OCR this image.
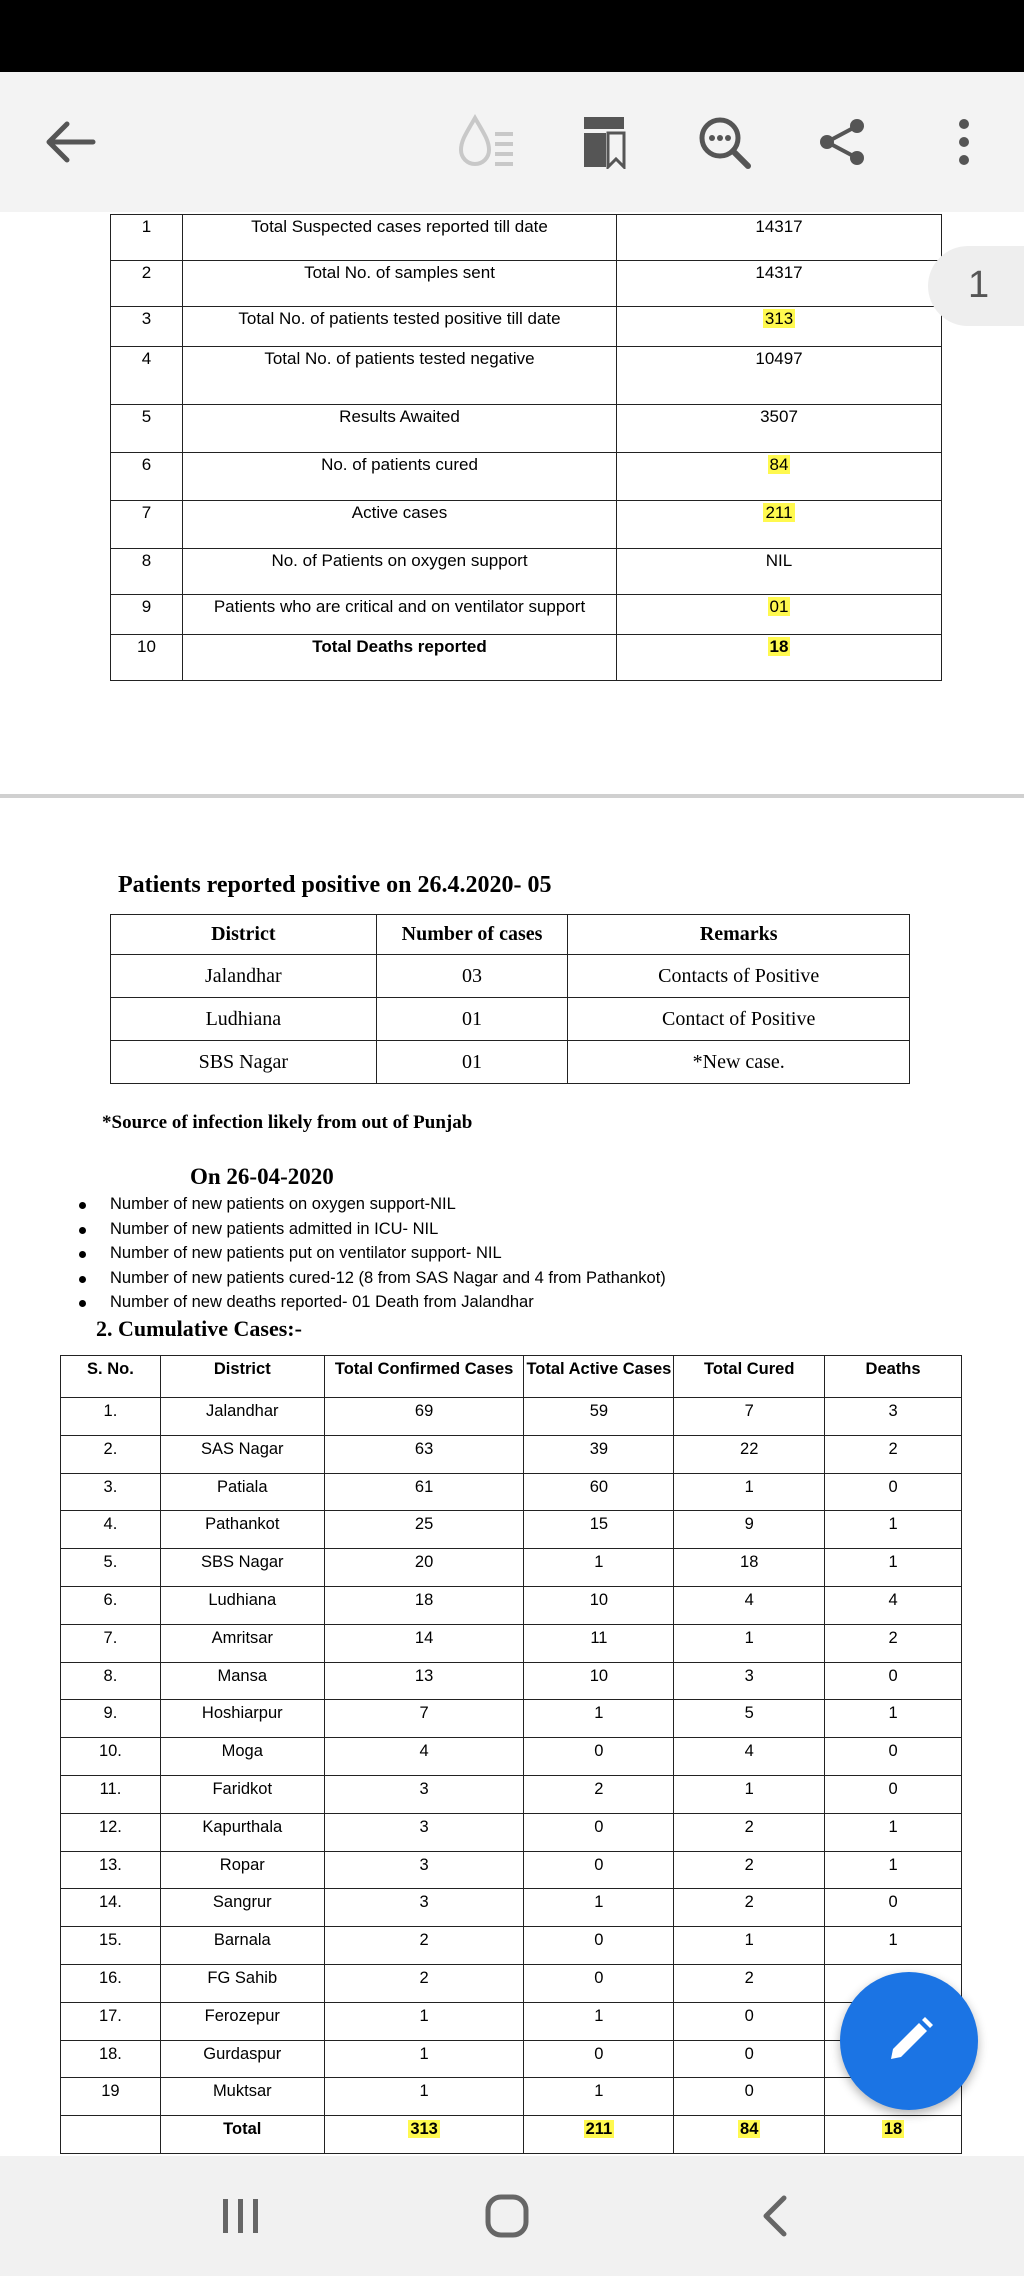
1	Total Suspected cases reported till date	14317
2	Total No. of samples sent	14317
3	Total No. of patients tested positive till date	313
4	Total No. of patients tested negative	10497
5	Results Awaited	3507
6	No. of patients cured	84
7	Active cases	211
8	No. of Patients on oxygen support	NIL
9	Patients who are critical and on ventilator support	01
10	Total Deaths reported	18
1
Patients reported positive on 26.4.2020- 05
District	Number of cases	Remarks
Jalandhar	03	Contacts of Positive
Ludhiana	01	Contact of Positive
SBS Nagar	01	*New case.
*Source of infection likely from out of Punjab
On 26-04-2020
Number of new patients on oxygen support-NIL
Number of new patients admitted in ICU- NIL
Number of new patients put on ventilator support- NIL
Number of new patients cured-12 (8 from SAS Nagar and 4 from Pathankot)
Number of new deaths reported- 01 Death from Jalandhar
2. Cumulative Cases:-
S. No.	District	Total Confirmed Cases	Total Active Cases	Total Cured	Deaths
1.	Jalandhar	69	59	7	3
2.	SAS Nagar	63	39	22	2
3.	Patiala	61	60	1	0
4.	Pathankot	25	15	9	1
5.	SBS Nagar	20	1	18	1
6.	Ludhiana	18	10	4	4
7.	Amritsar	14	11	1	2
8.	Mansa	13	10	3	0
9.	Hoshiarpur	7	1	5	1
10.	Moga	4	0	4	0
11.	Faridkot	3	2	1	0
12.	Kapurthala	3	0	2	1
13.	Ropar	3	0	2	1
14.	Sangrur	3	1	2	0
15.	Barnala	2	0	1	1
16.	FG Sahib	2	0	2	
17.	Ferozepur	1	1	0	
18.	Gurdaspur	1	0	0	
19	Muktsar	1	1	0	
	Total	313	211	84	18
